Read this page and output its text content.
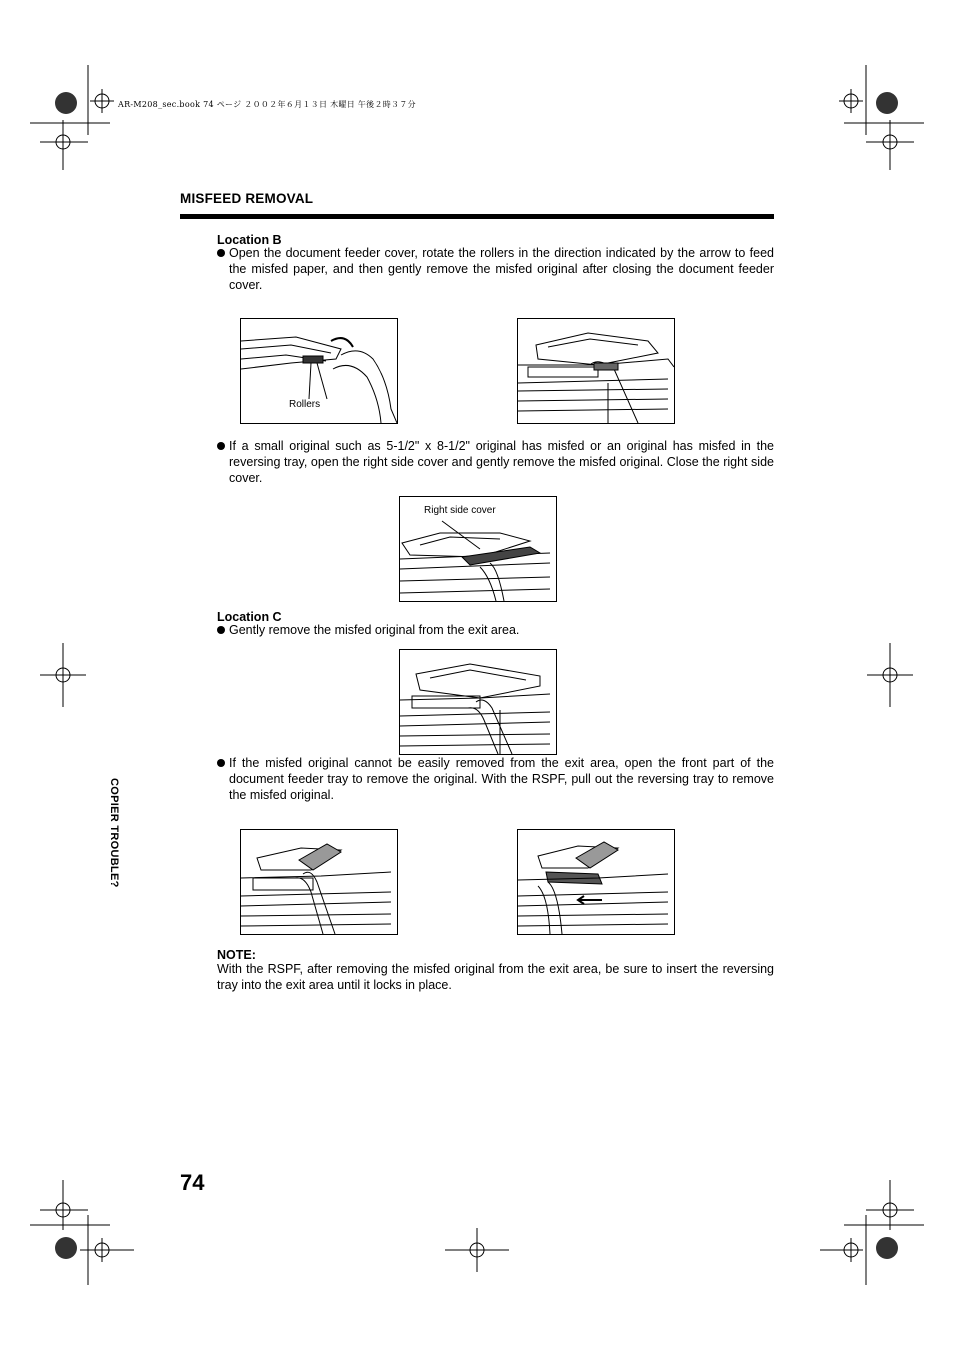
AR-M208_sec.book 74 ページ ２００２年６月１３日 木曜日 午後２時３７分
MISFEED REMOVAL
Location B
Open the document feeder cover, rotate the rollers in the direction indicated by the arrow to feed the misfed paper, and then gently remove the misfed original after closing the document feeder cover.
Rollers
If a small original such as 5-1/2" x 8-1/2" original has misfed or an original has misfed in the reversing tray, open the right side cover and gently remove the misfed original. Close the right side cover.
Right side cover
Location C
Gently remove the misfed original from the exit area.
If the misfed original cannot be easily removed from the exit area, open the front part of the document feeder tray to remove the original. With the RSPF, pull out the reversing tray to remove the misfed original.
NOTE:
With the RSPF, after removing the misfed original from the exit area, be sure to insert the reversing tray into the exit area until it locks in place.
COPIER TROUBLE?
74
